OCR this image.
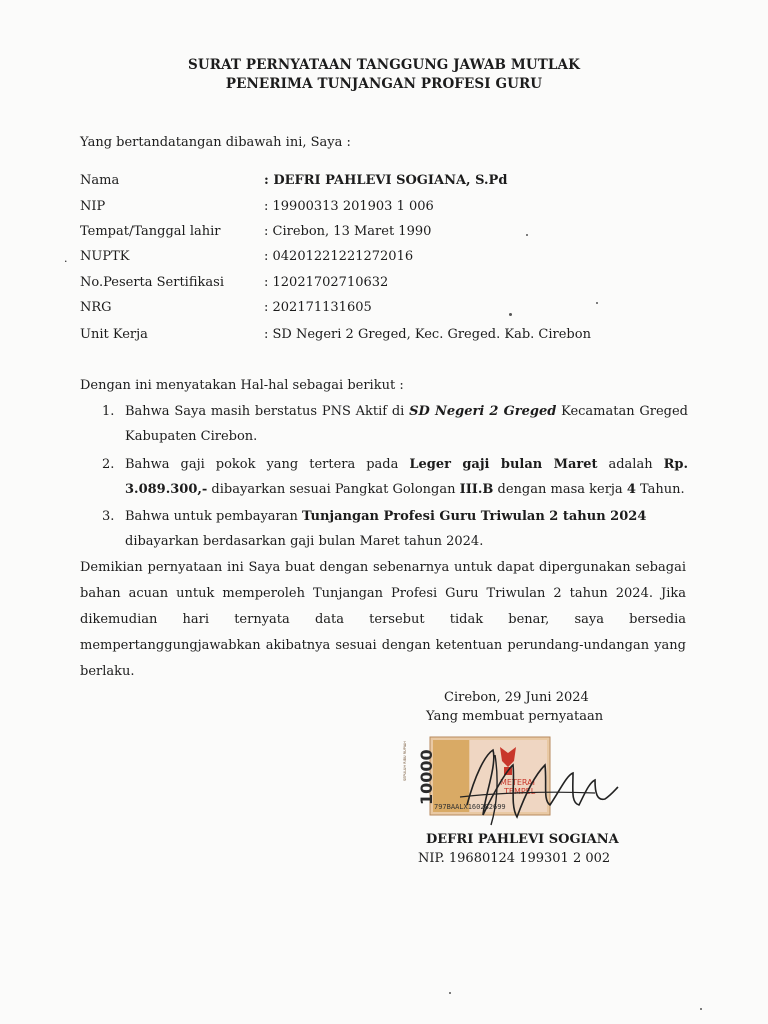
SURAT PERNYATAAN TANGGUNG JAWAB MUTLAK
PENERIMA TUNJANGAN PROFESI GURU
Yang bertandatangan dibawah ini, Saya :
Nama	: DEFRI PAHLEVI SOGIANA, S.Pd
NIP	: 19900313 201903 1 006
Tempat/Tanggal lahir	: Cirebon, 13 Maret 1990
. NUPTK	: 04201221221272016
No.Peserta Sertifikasi	: 12021702710632
NRG	: 202171131605
Unit Kerja	: SD Negeri 2 Greged, Kec. Greged. Kab. Cirebon
Dengan ini menyatakan Hal-hal sebagai berikut :
1. Bahwa Saya masih berstatus PNS Aktif di SD Negeri 2 Greged Kecamatan Greged
Kabupaten Cirebon.
2. Bahwa gaji pokok yang tertera pada Leger gaji bulan Maret adalah Rp.
3.089.300,- dibayarkan sesuai Pangkat Golongan III.B dengan masa kerja 4 Tahun.
3. Bahwa untuk pembayaran Tunjangan Profesi Guru Triwulan 2 tahun 2024
dibayarkan berdasarkan gaji bulan Maret tahun 2024.
Demikian pernyataan ini Saya buat dengan sebenarnya untuk dapat dipergunakan sebagai
bahan acuan untuk memperoleh Tunjangan Profesi Guru Triwulan 2 tahun 2024. Jika
dikemudian hari ternyata data tersebut tidak benar, saya bersedia
mempertanggungjawabkan akibatnya sesuai dengan ketentuan perundang-undangan yang
berlaku.
Cirebon, 29 Juni 2024
Yang membuat pernyataan
10000	METERAI
TEMPEL
797BAALX160282699
SEPULUH RIBU RUPIAH
DEFRI PAHLEVI SOGIANA
NIP. 19680124 199301 2 002
